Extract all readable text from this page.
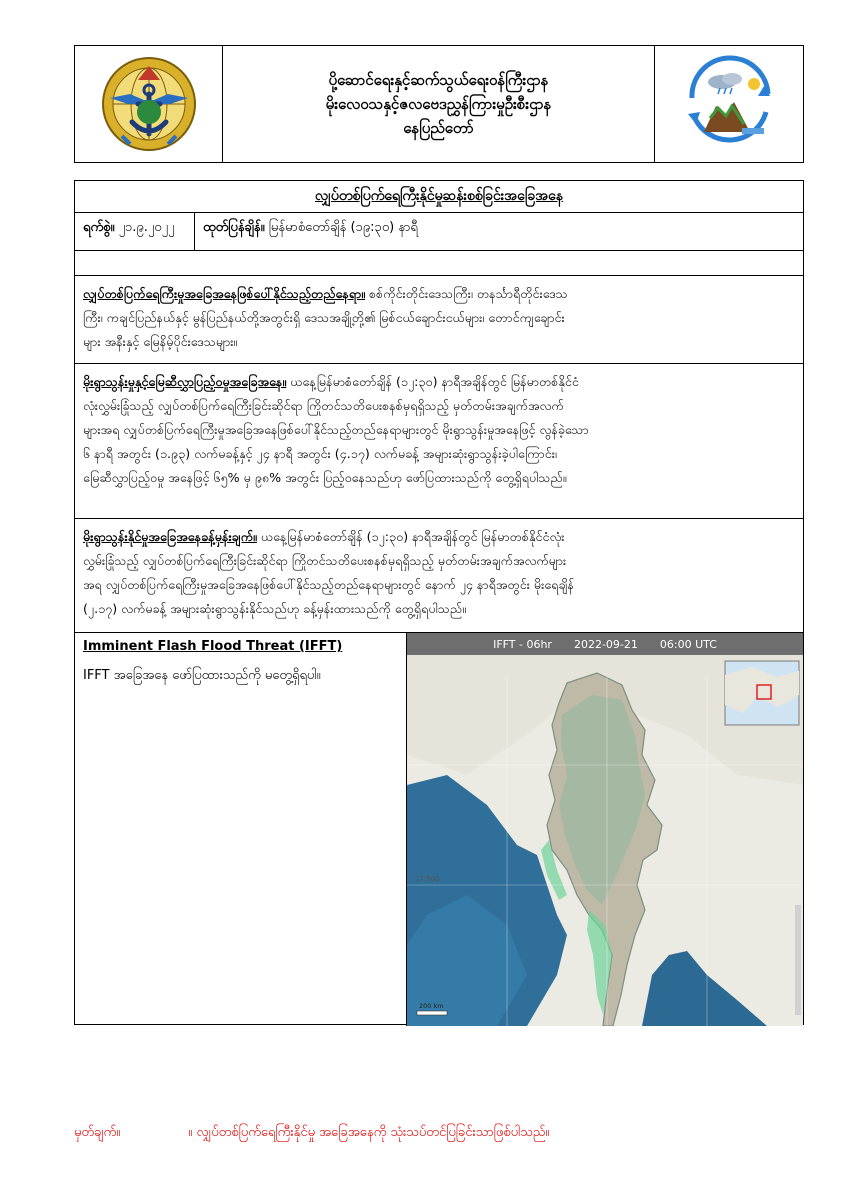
ပို့ဆောင်ရေးနှင့်ဆက်သွယ်ရေးဝန်ကြီးဌာန
မိုးလေဝသနှင့်ဇလဗေဒညွှန်ကြားမှုဦးစီးဌာန
နေပြည်တော်
လျှပ်တစ်ပြက်ရေကြီးနိုင်မှုဆန်းစစ်ခြင်းအခြေအနေ
ရက်စွဲ။ ၂၁.၉.၂၀၂၂	ထုတ်ပြန်ချိန်။ မြန်မာစံတော်ချိန် (၁၉:၃၀) နာရီ
လျှပ်တစ်ပြက်ရေကြီးမှုအခြေအနေဖြစ်ပေါ်နိုင်သည့်တည်နေရာ။ စစ်ကိုင်းတိုင်းဒေသကြီး၊ တနင်္သာရီတိုင်းဒေသ
ကြီး၊ ကချင်ပြည်နယ်နှင့် မွန်ပြည်နယ်တို့အတွင်းရှိ ဒေသအချို့တို့၏ မြစ်ငယ်ချောင်းငယ်များ၊ တောင်ကျချောင်း
များ အနီးနှင့် မြေနိမ့်ပိုင်းဒေသများ။
မိုးရွာသွန်းမှုနှင့်မြေဆီလွှာပြည့်ဝမှုအခြေအနေ။ ယနေ့မြန်မာစံတော်ချိန် (၁၂:၃၀) နာရီအချိန်တွင် မြန်မာတစ်နိုင်ငံ
လုံးလွှမ်းခြုံသည့် လျှပ်တစ်ပြက်ရေကြီးခြင်းဆိုင်ရာ ကြိုတင်သတိပေးစနစ်မှရရှိသည့် မှတ်တမ်းအချက်အလက်
များအရ လျှပ်တစ်ပြက်ရေကြီးမှုအခြေအနေဖြစ်ပေါ်နိုင်သည့်တည်နေရာများတွင် မိုးရွာသွန်းမှုအနေဖြင့် လွန်ခဲ့သော
၆ နာရီ အတွင်း (၁.၉၃) လက်မခန့်နှင့် ၂၄ နာရီ အတွင်း (၄.၁၇) လက်မခန့် အများဆုံးရွာသွန်းခဲ့ပါကြောင်း၊
မြေဆီလွှာပြည့်ဝမှု အနေဖြင့် ၆၅% မှ ၉၈% အတွင်း ပြည့်ဝနေသည်ဟု ဖော်ပြထားသည်ကို တွေ့ရှိရပါသည်။
မိုးရွာသွန်းနိုင်မှုအခြေအနေခန့်မှန်းချက်။ ယနေ့မြန်မာစံတော်ချိန် (၁၂:၃၀) နာရီအချိန်တွင် မြန်မာတစ်နိုင်ငံလုံး
လွှမ်းခြုံသည့် လျှပ်တစ်ပြက်ရေကြီးခြင်းဆိုင်ရာ ကြိုတင်သတိပေးစနစ်မှရရှိသည့် မှတ်တမ်းအချက်အလက်များ
အရ လျှပ်တစ်ပြက်ရေကြီးမှုအခြေအနေဖြစ်ပေါ်နိုင်သည့်တည်နေရာများတွင် နောက် ၂၄ နာရီအတွင်း မိုးရေချိန်
(၂.၁၇) လက်မခန့် အများဆုံးရွာသွန်းနိုင်သည်ဟု ခန့်မှန်းထားသည်ကို တွေ့ရှိရပါသည်။
Imminent Flash Flood Threat (IFFT)
IFFT အခြေအနေ ဖော်ပြထားသည်ကို မတွေ့ရှိရပါ။
IFFT - 06hr 2022-09-21 06:00 UTC
17.500
200 km
မှတ်ချက်။	။ လျှပ်တစ်ပြက်ရေကြီးနိုင်မှု အခြေအနေကို သုံးသပ်တင်ပြခြင်းသာဖြစ်ပါသည်။
